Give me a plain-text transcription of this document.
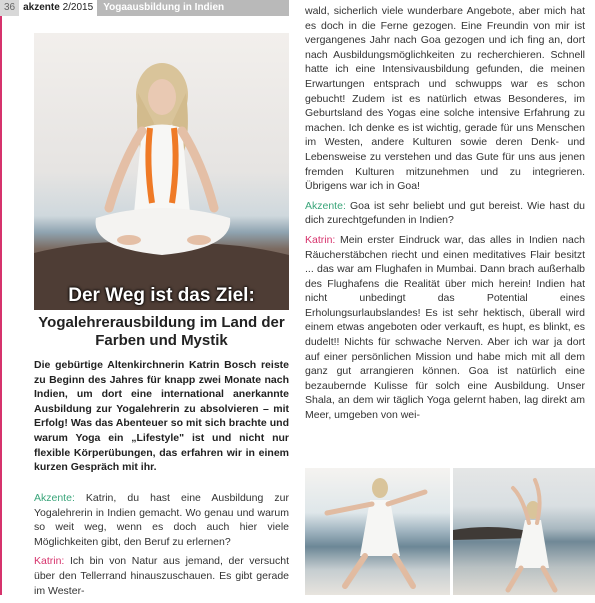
36 akzente 2/2015	Yogaausbildung in Indien
Der Weg ist das Ziel:
Yogalehrerausbildung im Land der Farben und Mystik
Die gebürtige Altenkirchnerin Katrin Bosch reiste zu Beginn des Jahres für knapp zwei Monate nach Indien, um dort eine international anerkannte Ausbildung zur Yogalehrerin zu absolvieren – mit Erfolg! Was das Abenteuer so mit sich brachte und warum Yoga ein „Lifestyle" ist und nicht nur flexible Körperübungen, das erfahren wir in einem kurzen Gespräch mit ihr.

Akzente: Katrin, du hast eine Ausbildung zur Yogalehrerin in Indien gemacht. Wo genau und warum so weit weg, wenn es doch auch hier viele Möglichkeiten gibt, den Beruf zu erlernen?

Katrin: Ich bin von Natur aus jemand, der versucht über den Tellerrand hinauszuschauen. Es gibt gerade im Wester-

wald, sicherlich viele wunderbare Angebote, aber mich hat es doch in die Ferne gezogen. Eine Freundin von mir ist vergangenes Jahr nach Goa gezogen und ich fing an, dort nach Ausbildungsmöglichkeiten zu recherchieren. Schnell hatte ich eine Intensivausbildung gefunden, die meinen Erwartungen entsprach und schwupps war es schon gebucht! Zudem ist es natürlich etwas Besonderes, im Geburtsland des Yogas eine solche intensive Erfahrung zu machen. Ich denke es ist wichtig, gerade für uns Menschen im Westen, andere Kulturen sowie deren Denk- und Lebensweise zu verstehen und das Gute für uns aus jenen fremden Kulturen mitzunehmen und zu integrieren. Übrigens war ich in Goa!

Akzente: Goa ist sehr beliebt und gut bereist. Wie hast du dich zurechtgefunden in Indien?

Katrin: Mein erster Eindruck war, das alles in Indien nach Räucherstäbchen riecht und einen meditatives Flair besitzt ... das war am Flughafen in Mumbai. Dann brach außerhalb des Flughafens die Realität über mich herein! Indien hat nicht unbedingt das Potential eines Erholungsurlaubslandes! Es ist sehr hektisch, überall wird einem etwas angeboten oder verkauft, es hupt, es blinkt, es dudelt!! Nichts für schwache Nerven. Aber ich war ja dort auf einer persönlichen Mission und habe mich mit all dem ganz gut arrangieren können. Goa ist natürlich eine bezaubernde Kulisse für solch eine Ausbildung. Unser Shala, an dem wir täglich Yoga gelernt haben, lag direkt am Meer, umgeben von wei-
